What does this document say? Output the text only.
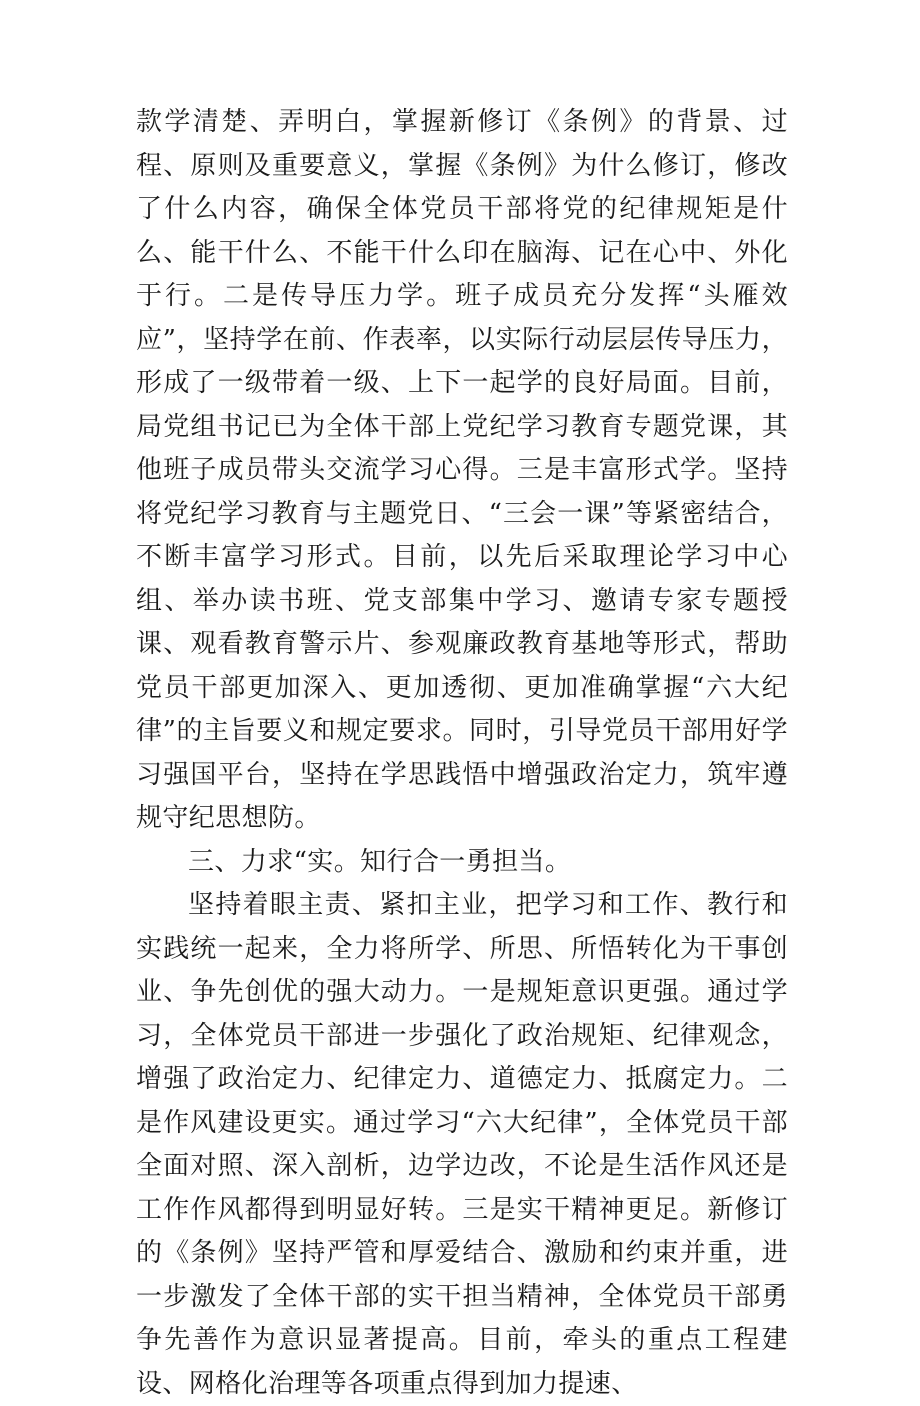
款学清楚、弄明白，掌握新修订《条例》的背景、过程、原则及重要意义，掌握《条例》为什么修订，修改了什么内容，确保全体党员干部将党的纪律规矩是什么、能干什么、不能干什么印在脑海、记在心中、外化于行。二是传导压力学。班子成员充分发挥“头雁效应”，坚持学在前、作表率，以实际行动层层传导压力，形成了一级带着一级、上下一起学的良好局面。目前，局党组书记已为全体干部上党纪学习教育专题党课，其他班子成员带头交流学习心得。三是丰富形式学。坚持将党纪学习教育与主题党日、“三会一课”等紧密结合，不断丰富学习形式。目前，以先后采取理论学习中心组、举办读书班、党支部集中学习、邀请专家专题授课、观看教育警示片、参观廉政教育基地等形式，帮助党员干部更加深入、更加透彻、更加准确掌握“六大纪律”的主旨要义和规定要求。同时，引导党员干部用好学习强国平台，坚持在学思践悟中增强政治定力，筑牢遵规守纪思想防。

三、力求“实。知行合一勇担当。

坚持着眼主责、紧扣主业，把学习和工作、教行和实践统一起来，全力将所学、所思、所悟转化为干事创业、争先创优的强大动力。一是规矩意识更强。通过学习，全体党员干部进一步强化了政治规矩、纪律观念，增强了政治定力、纪律定力、道德定力、抵腐定力。二是作风建设更实。通过学习“六大纪律”，全体党员干部全面对照、深入剖析，边学边改，不论是生活作风还是工作作风都得到明显好转。三是实干精神更足。新修订的《条例》坚持严管和厚爱结合、激励和约束并重，进一步激发了全体干部的实干担当精神，全体党员干部勇争先善作为意识显著提高。目前，牵头的重点工程建设、网格化治理等各项重点得到加力提速、
